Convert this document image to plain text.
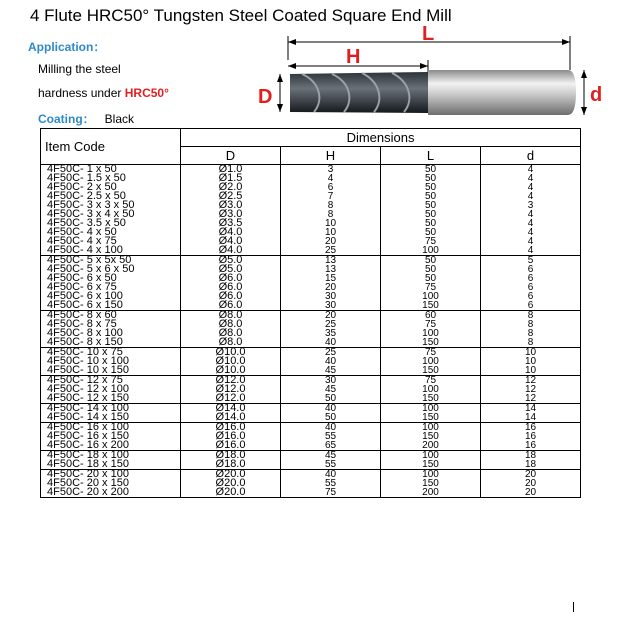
4 Flute HRC50° Tungsten Steel Coated Square End Mill
Application：
Milling the steel
hardness under HRC50°
Coating： Black
L
H
D	d
Item Code	Dimensions			
	D	H	L	d
4F50C- 1 x 50	Ø1.0	3	50	4
4F50C- 1.5 x 50	Ø1.5	4	50	4
4F50C- 2 x 50	Ø2.0	6	50	4
4F50C- 2.5 x 50	Ø2.5	7	50	4
4F50C- 3 x 3 x 50	Ø3.0	8	50	3
4F50C- 3 x 4 x 50	Ø3.0	8	50	4
4F50C- 3.5 x 50	Ø3.5	10	50	4
4F50C- 4 x 50	Ø4.0	10	50	4
4F50C- 4 x 75	Ø4.0	20	75	4
4F50C- 4 x 100	Ø4.0	25	100	4
4F50C- 5 x 5x 50	Ø5.0	13	50	5
4F50C- 5 x 6 x 50	Ø5.0	13	50	6
4F50C- 6 x 50	Ø6.0	15	50	6
4F50C- 6 x 75	Ø6.0	20	75	6
4F50C- 6 x 100	Ø6.0	30	100	6
4F50C- 6 x 150	Ø6.0	30	150	6
4F50C- 8 x 60	Ø8.0	20	60	8
4F50C- 8 x 75	Ø8.0	25	75	8
4F50C- 8 x 100	Ø8.0	35	100	8
4F50C- 8 x 150	Ø8.0	40	150	8
4F50C- 10 x 75	Ø10.0	25	75	10
4F50C- 10 x 100	Ø10.0	40	100	10
4F50C- 10 x 150	Ø10.0	45	150	10
4F50C- 12 x 75	Ø12.0	30	75	12
4F50C- 12 x 100	Ø12.0	45	100	12
4F50C- 12 x 150	Ø12.0	50	150	12
4F50C- 14 x 100	Ø14.0	40	100	14
4F50C- 14 x 150	Ø14.0	50	150	14
4F50C- 16 x 100	Ø16.0	40	100	16
4F50C- 16 x 150	Ø16.0	55	150	16
4F50C- 16 x 200	Ø16.0	65	200	16
4F50C- 18 x 100	Ø18.0	45	100	18
4F50C- 18 x 150	Ø18.0	55	150	18
4F50C- 20 x 100	Ø20.0	40	100	20
4F50C- 20 x 150	Ø20.0	55	150	20
4F50C- 20 x 200	Ø20.0	75	200	20
